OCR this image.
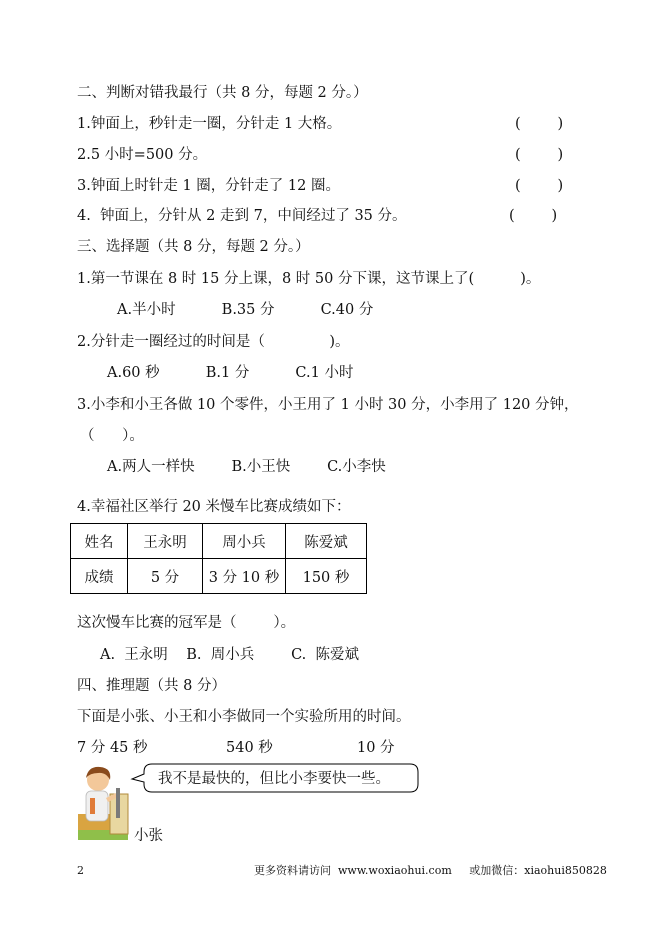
二、判断对错我最行（共 8 分，每题 2 分。）
1.钟面上，秒针走一圈，分针走 1 大格。	(        )
2.5 小时=500 分。	(        )
3.钟面上时针走 1 圈，分针走了 12 圈。	(        )
4.  钟面上，分针从 2 走到 7，中间经过了 35 分。	(        )
三、选择题（共 8 分，每题 2 分。）
1.第一节课在 8 时 15 分上课，8 时 50 分下课，这节课上了(          )。
A.半小时          B.35 分          C.40 分
2.分针走一圈经过的时间是（              )。
A.60 秒          B.1 分          C.1 小时
3.小李和小王各做 10 个零件，小王用了 1 小时 30 分，小李用了 120 分钟，
（      ）。
A.两人一样快        B.小王快        C.小李快
4.幸福社区举行 20 米慢车比赛成绩如下：
姓名	王永明	周小兵	陈爱斌
成绩	5 分	3 分 10 秒	150 秒
这次慢车比赛的冠军是（        ）。
A.  王永明    B.  周小兵        C.  陈爱斌
四、推理题（共 8 分）
下面是小张、小王和小李做同一个实验所用的时间。
7 分 45 秒	540 秒	10 分
我不是最快的，但比小李要快一些。
小张
2	更多资料请访问  www.woxiaohui.com     或加微信：xiaohui850828
